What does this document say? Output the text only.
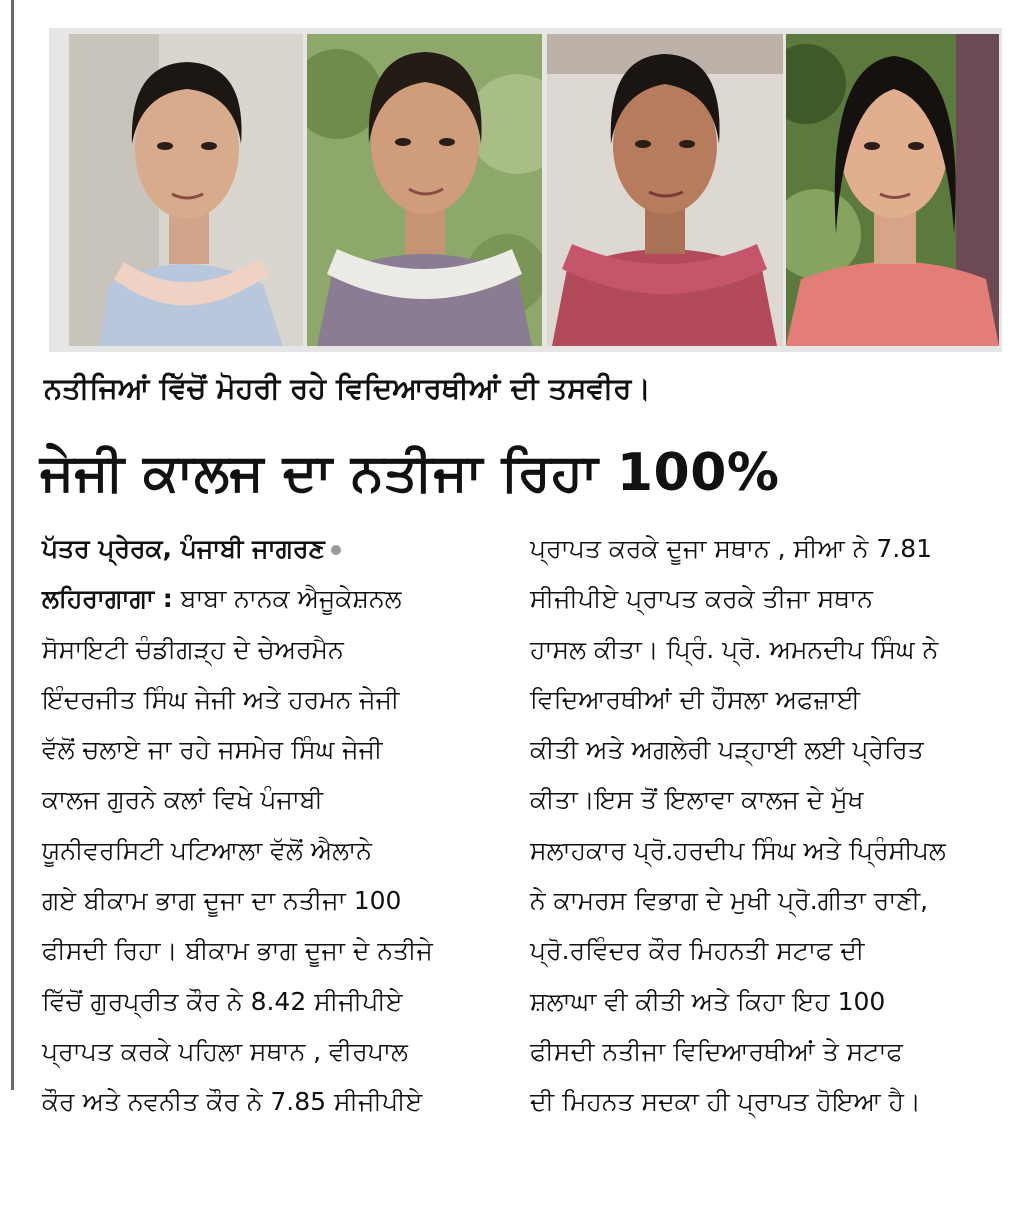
ਨਤੀਜਿਆਂ ਵਿੱਚੋਂ ਮੋਹਰੀ ਰਹੇ ਵਿਦਿਆਰਥੀਆਂ ਦੀ ਤਸਵੀਰ।
ਜੇਜੀ ਕਾਲਜ ਦਾ ਨਤੀਜਾ ਰਿਹਾ 100%
ਪੱਤਰ ਪ੍ਰੇਰਕ, ਪੰਜਾਬੀ ਜਾਗਰਣ
ਲਹਿਰਾਗਾਗਾ : ਬਾਬਾ ਨਾਨਕ ਐਜੂਕੇਸ਼ਨਲ
ਸੋਸਾਇਟੀ ਚੰਡੀਗੜ੍ਹ ਦੇ ਚੇਅਰਮੈਨ
ਇੰਦਰਜੀਤ ਸਿੰਘ ਜੇਜੀ ਅਤੇ ਹਰਮਨ ਜੇਜੀ
ਵੱਲੋਂ ਚਲਾਏ ਜਾ ਰਹੇ ਜਸਮੇਰ ਸਿੰਘ ਜੇਜੀ
ਕਾਲਜ ਗੁਰਨੇ ਕਲਾਂ ਵਿਖੇ ਪੰਜਾਬੀ
ਯੂਨੀਵਰਸਿਟੀ ਪਟਿਆਲਾ ਵੱਲੋਂ ਐਲਾਨੇ
ਗਏ ਬੀਕਾਮ ਭਾਗ ਦੂਜਾ ਦਾ ਨਤੀਜਾ 100
ਫੀਸਦੀ ਰਿਹਾ। ਬੀਕਾਮ ਭਾਗ ਦੂਜਾ ਦੇ ਨਤੀਜੇ
ਵਿੱਚੋਂ ਗੁਰਪ੍ਰੀਤ ਕੌਰ ਨੇ 8.42 ਸੀਜੀਪੀਏ
ਪ੍ਰਾਪਤ ਕਰਕੇ ਪਹਿਲਾ ਸਥਾਨ , ਵੀਰਪਾਲ
ਕੌਰ ਅਤੇ ਨਵਨੀਤ ਕੌਰ ਨੇ 7.85 ਸੀਜੀਪੀਏ
ਪ੍ਰਾਪਤ ਕਰਕੇ ਦੂਜਾ ਸਥਾਨ , ਸੀਆ ਨੇ 7.81
ਸੀਜੀਪੀਏ ਪ੍ਰਾਪਤ ਕਰਕੇ ਤੀਜਾ ਸਥਾਨ
ਹਾਸਲ ਕੀਤਾ। ਪ੍ਰਿੰ. ਪ੍ਰੋ. ਅਮਨਦੀਪ ਸਿੰਘ ਨੇ
ਵਿਦਿਆਰਥੀਆਂ ਦੀ ਹੌਸਲਾ ਅਫਜ਼ਾਈ
ਕੀਤੀ ਅਤੇ ਅਗਲੇਰੀ ਪੜ੍ਹਾਈ ਲਈ ਪ੍ਰੇਰਿਤ
ਕੀਤਾ।ਇਸ ਤੋਂ ਇਲਾਵਾ ਕਾਲਜ ਦੇ ਮੁੱਖ
ਸਲਾਹਕਾਰ ਪ੍ਰੋ.ਹਰਦੀਪ ਸਿੰਘ ਅਤੇ ਪ੍ਰਿੰਸੀਪਲ
ਨੇ ਕਾਮਰਸ ਵਿਭਾਗ ਦੇ ਮੁਖੀ ਪ੍ਰੋ.ਗੀਤਾ ਰਾਣੀ,
ਪ੍ਰੋ.ਰਵਿੰਦਰ ਕੌਰ ਮਿਹਨਤੀ ਸਟਾਫ ਦੀ
ਸ਼ਲਾਘਾ ਵੀ ਕੀਤੀ ਅਤੇ ਕਿਹਾ ਇਹ 100
ਫੀਸਦੀ ਨਤੀਜਾ ਵਿਦਿਆਰਥੀਆਂ ਤੇ ਸਟਾਫ
ਦੀ ਮਿਹਨਤ ਸਦਕਾ ਹੀ ਪ੍ਰਾਪਤ ਹੋਇਆ ਹੈ।
